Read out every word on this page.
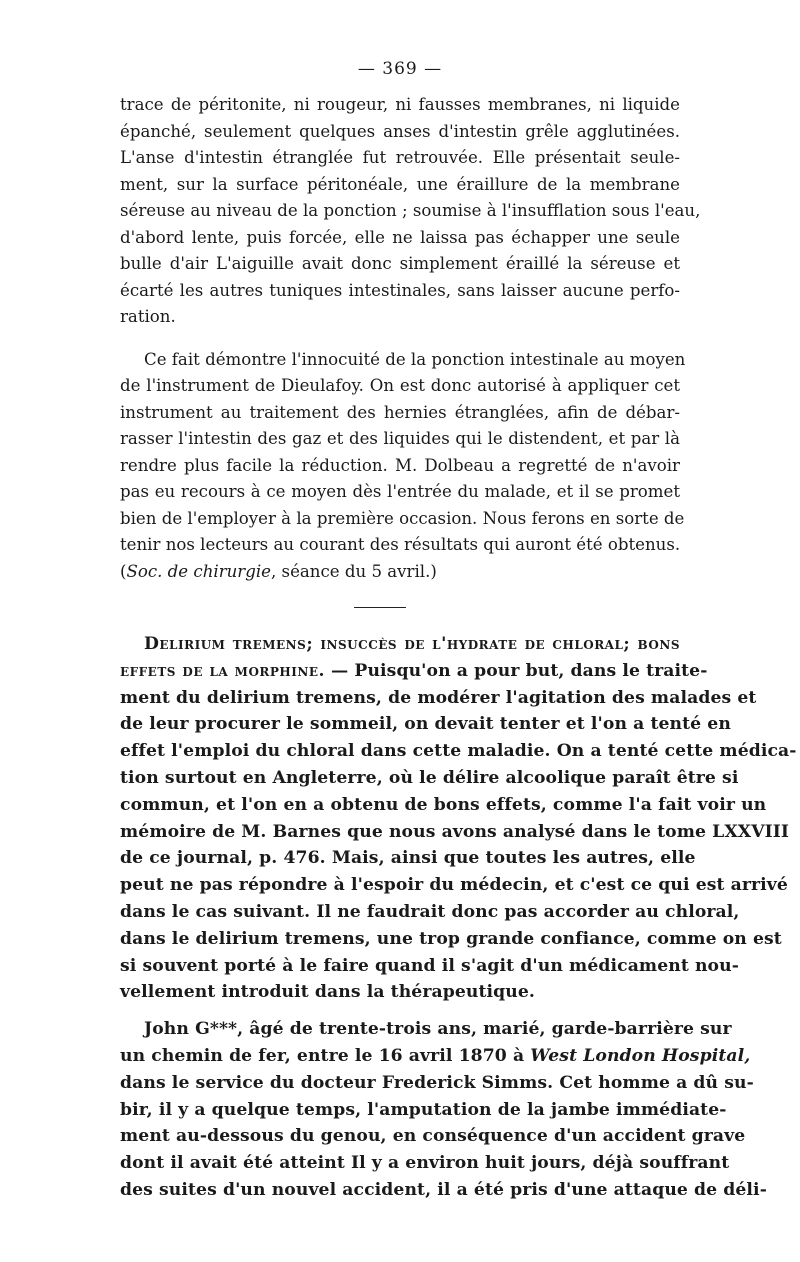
— 369 —

trace de péritonite, ni rougeur, ni fausses membranes, ni liquide
épanché, seulement quelques anses d'intestin grêle agglutinées.
L'anse d'intestin étranglée fut retrouvée. Elle présentait seule-
ment, sur la surface péritonéale, une éraillure de la membrane
séreuse au niveau de la ponction ; soumise à l'insufflation sous l'eau,
d'abord lente, puis forcée, elle ne laissa pas échapper une seule
bulle d'air L'aiguille avait donc simplement éraillé la séreuse et
écarté les autres tuniques intestinales, sans laisser aucune perfo-
ration.

Ce fait démontre l'innocuité de la ponction intestinale au moyen
de l'instrument de Dieulafoy. On est donc autorisé à appliquer cet
instrument au traitement des hernies étranglées, afin de débar-
rasser l'intestin des gaz et des liquides qui le distendent, et par là
rendre plus facile la réduction. M. Dolbeau a regretté de n'avoir
pas eu recours à ce moyen dès l'entrée du malade, et il se promet
bien de l'employer à la première occasion. Nous ferons en sorte de
tenir nos lecteurs au courant des résultats qui auront été obtenus.
(Soc. de chirurgie, séance du 5 avril.)

Delirium tremens; insuccès de l'hydrate de chloral; bons
effets de la morphine. — Puisqu'on a pour but, dans le traite-
ment du delirium tremens, de modérer l'agitation des malades et
de leur procurer le sommeil, on devait tenter et l'on a tenté en
effet l'emploi du chloral dans cette maladie. On a tenté cette médica-
tion surtout en Angleterre, où le délire alcoolique paraît être si
commun, et l'on en a obtenu de bons effets, comme l'a fait voir un
mémoire de M. Barnes que nous avons analysé dans le tome LXXVIII
de ce journal, p. 476. Mais, ainsi que toutes les autres, elle
peut ne pas répondre à l'espoir du médecin, et c'est ce qui est arrivé
dans le cas suivant. Il ne faudrait donc pas accorder au chloral,
dans le delirium tremens, une trop grande confiance, comme on est
si souvent porté à le faire quand il s'agit d'un médicament nou-
vellement introduit dans la thérapeutique.

John G***, âgé de trente-trois ans, marié, garde-barrière sur
un chemin de fer, entre le 16 avril 1870 à West London Hospital,
dans le service du docteur Frederick Simms. Cet homme a dû su-
bir, il y a quelque temps, l'amputation de la jambe immédiate-
ment au-dessous du genou, en conséquence d'un accident grave
dont il avait été atteint Il y a environ huit jours, déjà souffrant
des suites d'un nouvel accident, il a été pris d'une attaque de déli-
